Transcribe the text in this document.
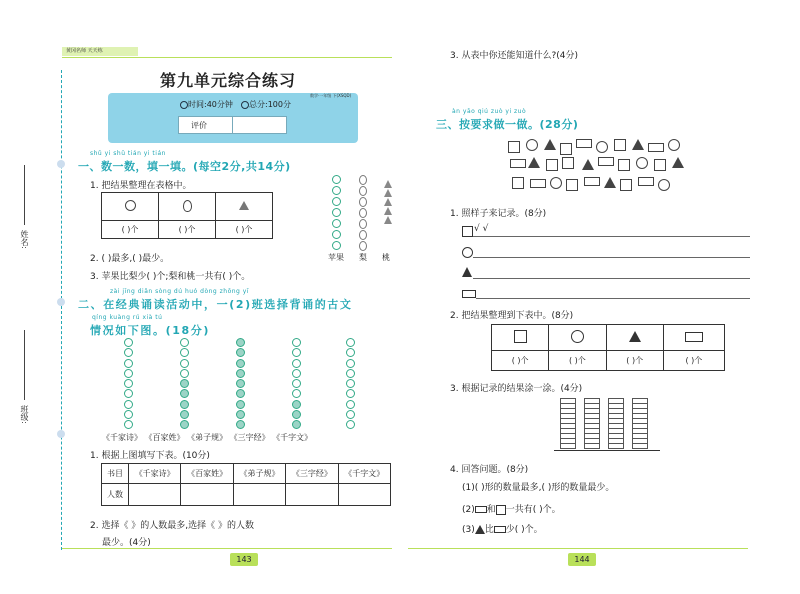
黄冈名师 天天练
姓名:
班级:
第九单元综合练习
时间:40分钟 总分:100分
评价
数学·一年级 下(XSQD)
shǔ yi shǔ tián yi tián
一、数一数，填一填。(每空2分,共14分)
1. 把结果整理在表格中。

( )个	( )个	( )个
苹果 梨 桃
2. ( )最多,( )最少。
3. 苹果比梨少( )个;梨和桃一共有( )个。
zài jīng diǎn sòng dú huó dòng zhōng yī
二、在经典诵读活动中，一(2)班选择背诵的古文
qíng kuàng rú xià tú
情况如下图。(18分)
《千家诗》 《百家姓》 《弟子规》 《三字经》 《千字文》
1. 根据上图填写下表。(10分)
书目	《千家诗》	《百家姓》	《弟子规》	《三字经》	《千字文》
人数					
2. 选择《 》的人数最多,选择《 》的人数
最少。(4分)
143
3. 从表中你还能知道什么?(4分)
àn yāo qiú zuò yi zuò
三、按要求做一做。(28分)
1. 照样子来记录。(8分)
√ √
2. 把结果整理到下表中。(8分)

( )个	( )个	( )个	( )个
3. 根据记录的结果涂一涂。(4分)
4. 回答问题。(8分)
(1)( )形的数量最多,( )形的数量最少。
(2) 和 一共有( )个。
(3) 比 少( )个。
144
